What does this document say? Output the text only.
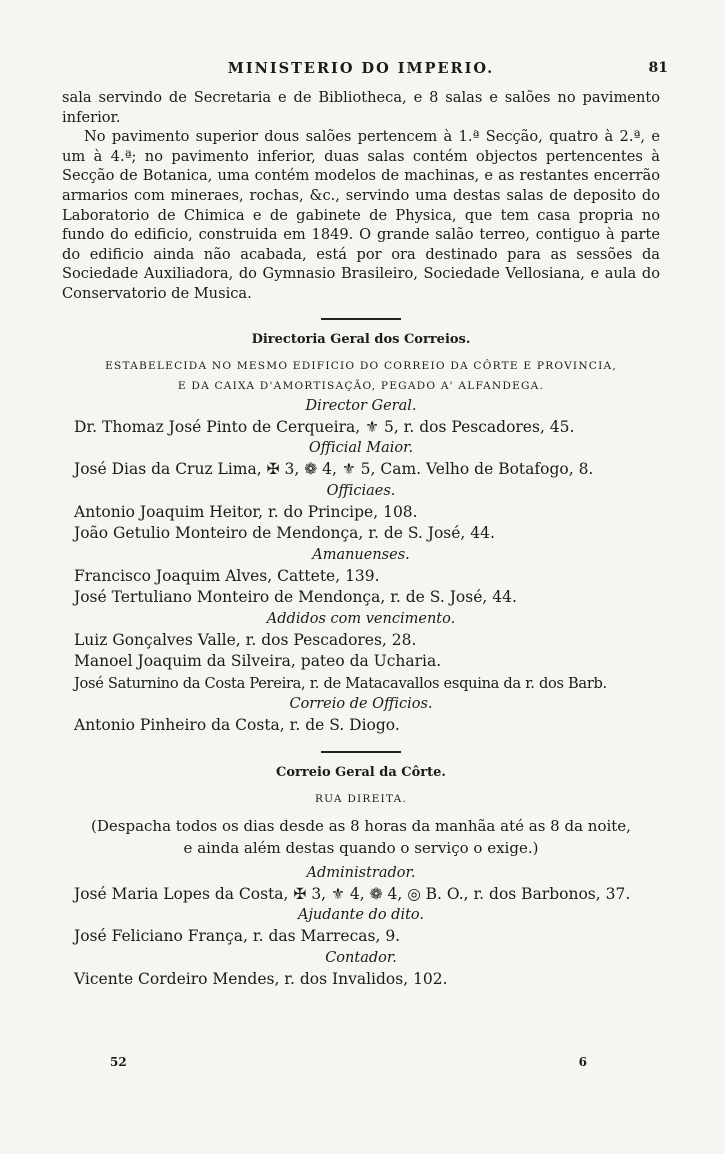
MINISTERIO DO IMPERIO.	81

sala servindo de Secretaria e de Bibliotheca, e 8 salas e salões no pavimento inferior.

No pavimento superior dous salões pertencem à 1.ª Secção, quatro à 2.ª, e um à 4.ª; no pavimento inferior, duas salas contém objectos pertencentes à Secção de Botanica, uma contém modelos de machinas, e as restantes encerrão armarios com mineraes, rochas, &c., servindo uma destas salas de deposito do Laboratorio de Chimica e de gabinete de Physica, que tem casa propria no fundo do edificio, construida em 1849. O grande salão terreo, contiguo à parte do edificio ainda não acabada, está por ora destinado para as sessões da Sociedade Auxiliadora, do Gymnasio Brasileiro, Sociedade Vellosiana, e aula do Conservatorio de Musica.

Directoria Geral dos Correios.
ESTABELECIDA NO MESMO EDIFICIO DO CORREIO DA CÔRTE E PROVINCIA,
E DA CAIXA D'AMORTISAÇÃO, PEGADO A' ALFANDEGA.
Director Geral.
Dr. Thomaz José Pinto de Cerqueira, ⚜ 5, r. dos Pescadores, 45.
Official Maior.
José Dias da Cruz Lima, ✠ 3, ❁ 4, ⚜ 5, Cam. Velho de Botafogo, 8.
Officiaes.
Antonio Joaquim Heitor, r. do Principe, 108.
João Getulio Monteiro de Mendonça, r. de S. José, 44.
Amanuenses.
Francisco Joaquim Alves, Cattete, 139.
José Tertuliano Monteiro de Mendonça, r. de S. José, 44.
Addidos com vencimento.
Luiz Gonçalves Valle, r. dos Pescadores, 28.
Manoel Joaquim da Silveira, pateo da Ucharia.
José Saturnino da Costa Pereira, r. de Matacavallos esquina da r. dos Barb.
Correio de Officios.
Antonio Pinheiro da Costa, r. de S. Diogo.
Correio Geral da Côrte.
RUA DIREITA.
(Despacha todos os dias desde as 8 horas da manhãa até as 8 da noite,
e ainda além destas quando o serviço o exige.)
Administrador.
José Maria Lopes da Costa, ✠ 3, ⚜ 4, ❁ 4, ◎ B. O., r. dos Barbonos, 37.
Ajudante do dito.
José Feliciano França, r. das Marrecas, 9.
Contador.
Vicente Cordeiro Mendes, r. dos Invalidos, 102.
52	6
